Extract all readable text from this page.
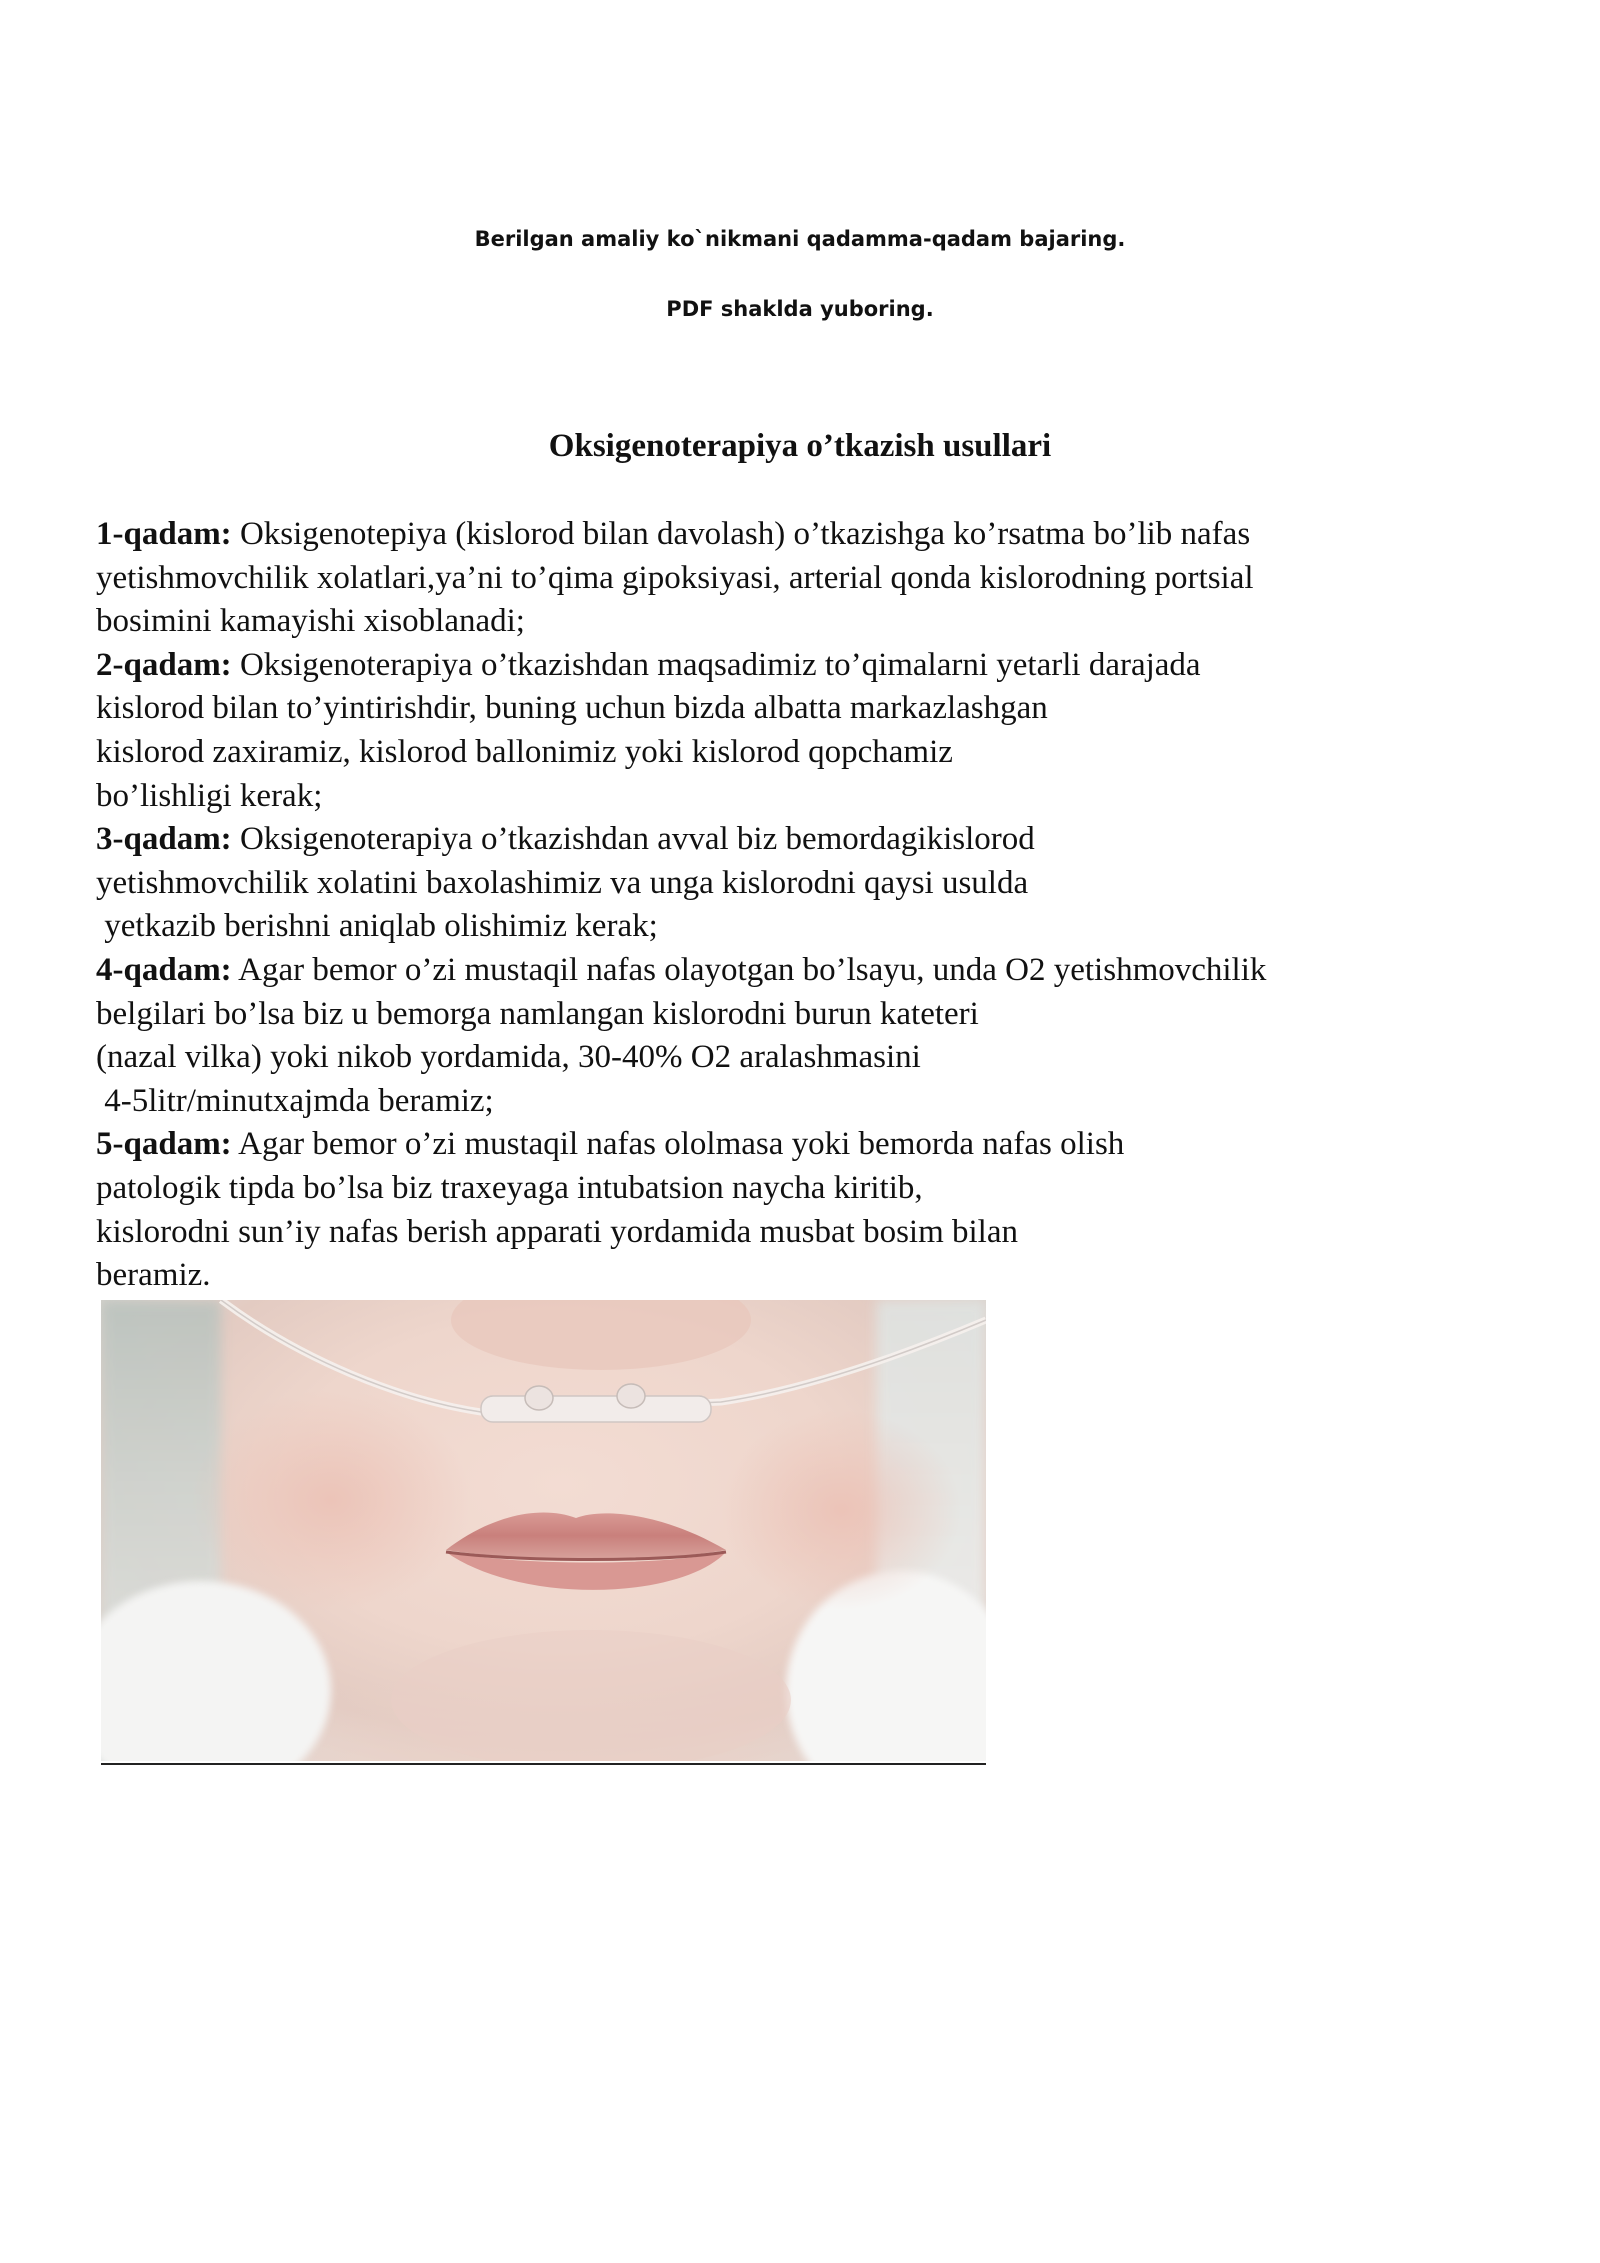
Berilgan amaliy ko`nikmani qadamma-qadam bajaring.
PDF shaklda yuboring.
Oksigenoterapiya o’tkazish usullari
1-qadam: Oksigenotepiya (kislorod bilan davolash) o’tkazishga ko’rsatma bo’lib nafas
yetishmovchilik xolatlari,ya’ni to’qima gipoksiyasi, arterial qonda kislorodning portsial
bosimini kamayishi xisoblanadi;
2-qadam: Oksigenoterapiya o’tkazishdan maqsadimiz to’qimalarni yetarli darajada
kislorod bilan to’yintirishdir, buning uchun bizda albatta markazlashgan
kislorod zaxiramiz, kislorod ballonimiz yoki kislorod qopchamiz
bo’lishligi kerak;
3-qadam: Oksigenoterapiya o’tkazishdan avval biz bemordagikislorod
yetishmovchilik xolatini baxolashimiz va unga kislorodni qaysi usulda
yetkazib berishni aniqlab olishimiz kerak;
4-qadam: Agar bemor o’zi mustaqil nafas olayotgan bo’lsayu, unda O2 yetishmovchilik
belgilari bo’lsa biz u bemorga namlangan kislorodni burun kateteri
(nazal vilka) yoki nikob yordamida, 30-40% O2 aralashmasini
4-5litr/minutxajmda beramiz;
5-qadam: Agar bemor o’zi mustaqil nafas ololmasa yoki bemorda nafas olish
patologik tipda bo’lsa biz traxeyaga intubatsion naycha kiritib,
kislorodni sun’iy nafas berish apparati yordamida musbat bosim bilan
beramiz.
